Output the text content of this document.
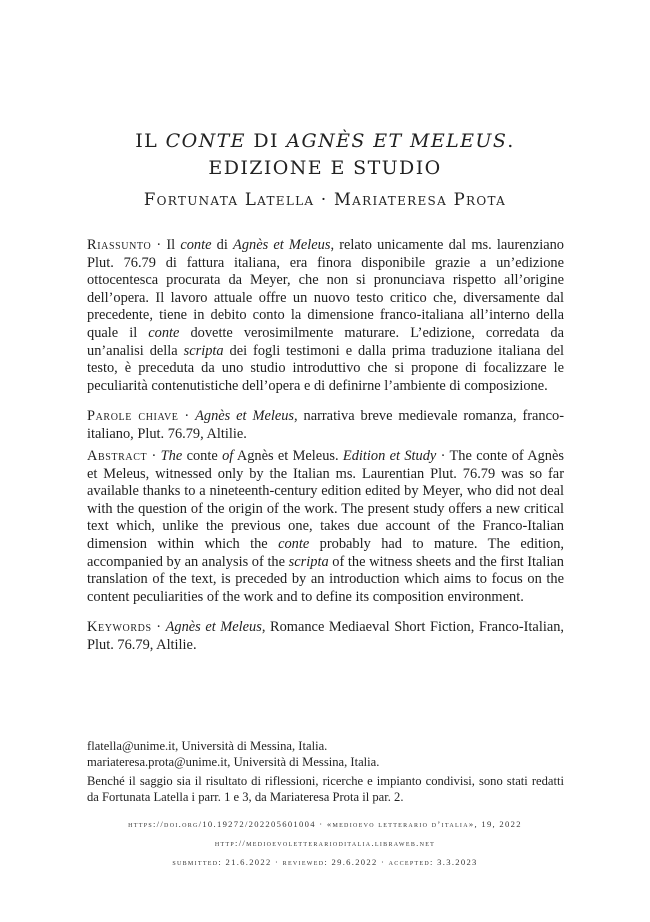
IL CONTE DI AGNÈS ET MELEUS.
EDIZIONE E STUDIO
Fortunata Latella · Mariateresa Prota
Riassunto · Il conte di Agnès et Meleus, relato unicamente dal ms. laurenziano Plut. 76.79 di fattura italiana, era finora disponibile grazie a un’edizione ottocentesca procurata da Meyer, che non si pronunciava rispetto all’origine dell’opera. Il lavoro attuale offre un nuovo testo critico che, diversamente dal precedente, tiene in debito conto la dimensione franco-italiana all’interno della quale il conte dovette verosimilmente maturare. L’edizione, corredata da un’analisi della scripta dei fogli testimoni e dalla prima traduzione italiana del testo, è preceduta da uno studio introduttivo che si propone di focalizzare le peculiarità contenutistiche dell’opera e di definirne l’ambiente di composizione.
Parole chiave · Agnès et Meleus, narrativa breve medievale romanza, franco-italiano, Plut. 76.79, Altilie.
Abstract · The conte of Agnès et Meleus. Edition et Study · The conte of Agnès et Meleus, witnessed only by the Italian ms. Laurentian Plut. 76.79 was so far available thanks to a nineteenth-century edition edited by Meyer, who did not deal with the question of the origin of the work. The present study offers a new critical text which, unlike the previous one, takes due account of the Franco-Italian dimension within which the conte probably had to mature. The edition, accompanied by an analysis of the scripta of the witness sheets and the first Italian translation of the text, is preceded by an introduction which aims to focus on the content peculiarities of the work and to define its composition environment.
Keywords · Agnès et Meleus, Romance Mediaeval Short Fiction, Franco-Italian, Plut. 76.79, Altilie.

flatella@unime.it, Università di Messina, Italia.

mariateresa.prota@unime.it, Università di Messina, Italia.

Benché il saggio sia il risultato di riflessioni, ricerche e impianto condivisi, sono stati redatti da Fortunata Latella i parr. 1 e 3, da Mariateresa Prota il par. 2.

https://doi.org/10.19272/202205601004 · «medioevo letterario d’italia», 19, 2022
http://medioevoletterarioditalia.libraweb.net
submitted: 21.6.2022 · reviewed: 29.6.2022 · accepted: 3.3.2023
